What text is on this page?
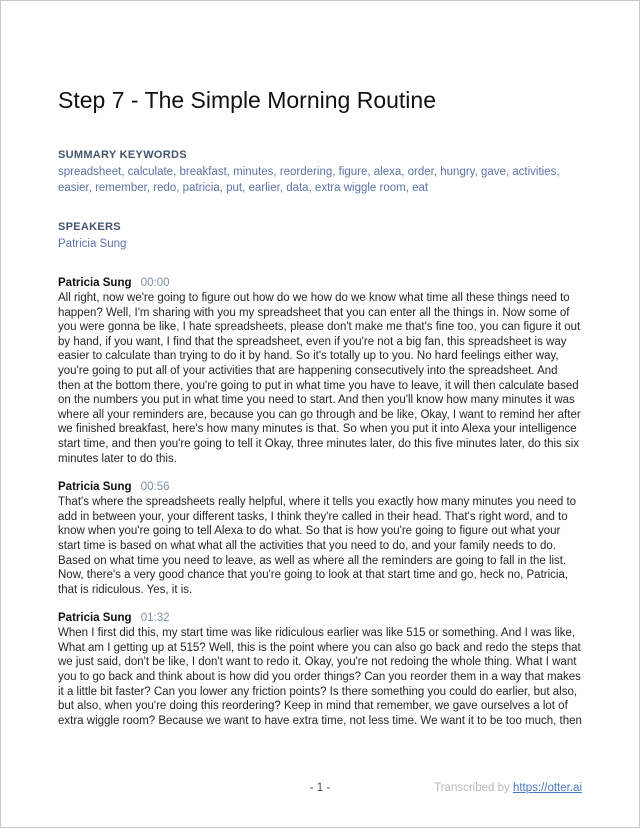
Step 7 - The Simple Morning Routine
SUMMARY KEYWORDS
spreadsheet, calculate, breakfast, minutes, reordering, figure, alexa, order, hungry, gave, activities, easier, remember, redo, patricia, put, earlier, data, extra wiggle room, eat
SPEAKERS
Patricia Sung
Patricia Sung 00:00

All right, now we're going to figure out how do we how do we know what time all these things need to happen? Well, I'm sharing with you my spreadsheet that you can enter all the things in. Now some of you were gonna be like, I hate spreadsheets, please don't make me that's fine too, you can figure it out by hand, if you want, I find that the spreadsheet, even if you're not a big fan, this spreadsheet is way easier to calculate than trying to do it by hand. So it's totally up to you. No hard feelings either way, you're going to put all of your activities that are happening consecutively into the spreadsheet. And then at the bottom there, you're going to put in what time you have to leave, it will then calculate based on the numbers you put in what time you need to start. And then you'll know how many minutes it was where all your reminders are, because you can go through and be like, Okay, I want to remind her after we finished breakfast, here's how many minutes is that. So when you put it into Alexa your intelligence start time, and then you're going to tell it Okay, three minutes later, do this five minutes later, do this six minutes later to do this.

Patricia Sung 00:56

That's where the spreadsheets really helpful, where it tells you exactly how many minutes you need to add in between your, your different tasks, I think they're called in their head. That's right word, and to know when you're going to tell Alexa to do what. So that is how you're going to figure out what your start time is based on what what all the activities that you need to do, and your family needs to do. Based on what time you need to leave, as well as where all the reminders are going to fall in the list. Now, there's a very good chance that you're going to look at that start time and go, heck no, Patricia, that is ridiculous. Yes, it is.

Patricia Sung 01:32

When I first did this, my start time was like ridiculous earlier was like 515 or something. And I was like, What am I getting up at 515? Well, this is the point where you can also go back and redo the steps that we just said, don't be like, I don't want to redo it. Okay, you're not redoing the whole thing. What I want you to go back and think about is how did you order things? Can you reorder them in a way that makes it a little bit faster? Can you lower any friction points? Is there something you could do earlier, but also, but also, when you're doing this reordering? Keep in mind that remember, we gave ourselves a lot of extra wiggle room? Because we want to have extra time, not less time. We want it to be too much, then

- 1 -	Transcribed by https://otter.ai
